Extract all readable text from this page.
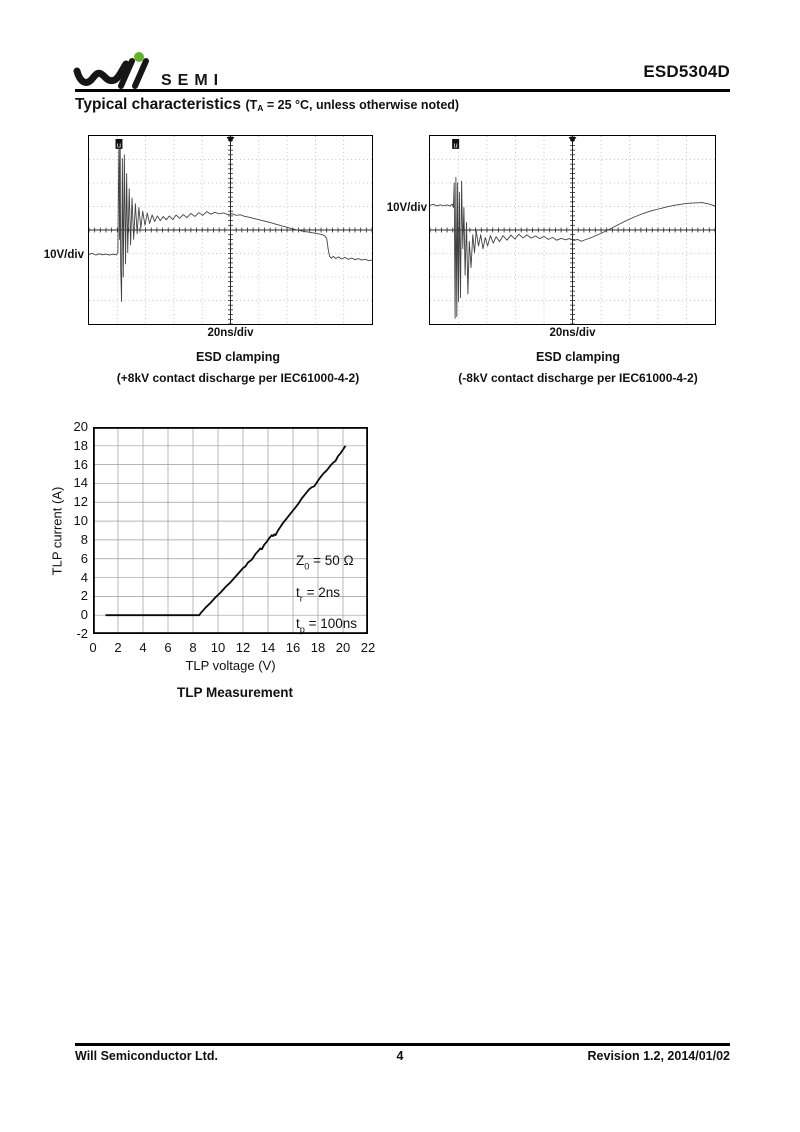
SEMI	ESD5304D
Typical characteristics ($T_A = 25$ °C, unless otherwise noted)
u
10V/div
20ns/div
ESD clamping
(+8kV contact discharge per IEC61000-4-2)
u
10V/div
20ns/div
ESD clamping
(-8kV contact discharge per IEC61000-4-2)
TLP current (A)
TLP voltage (V)
$Z_0 = 50$ Ω
$t_r = 2ns$
$t_p = 100ns$
TLP Measurement
Will Semiconductor Ltd.	4	Revision 1.2, 2014/01/02
-2
0
2
4
6
8
10
12
14
16
18
20
0	2	4	6	8	10 12 14 16 18 20 22
